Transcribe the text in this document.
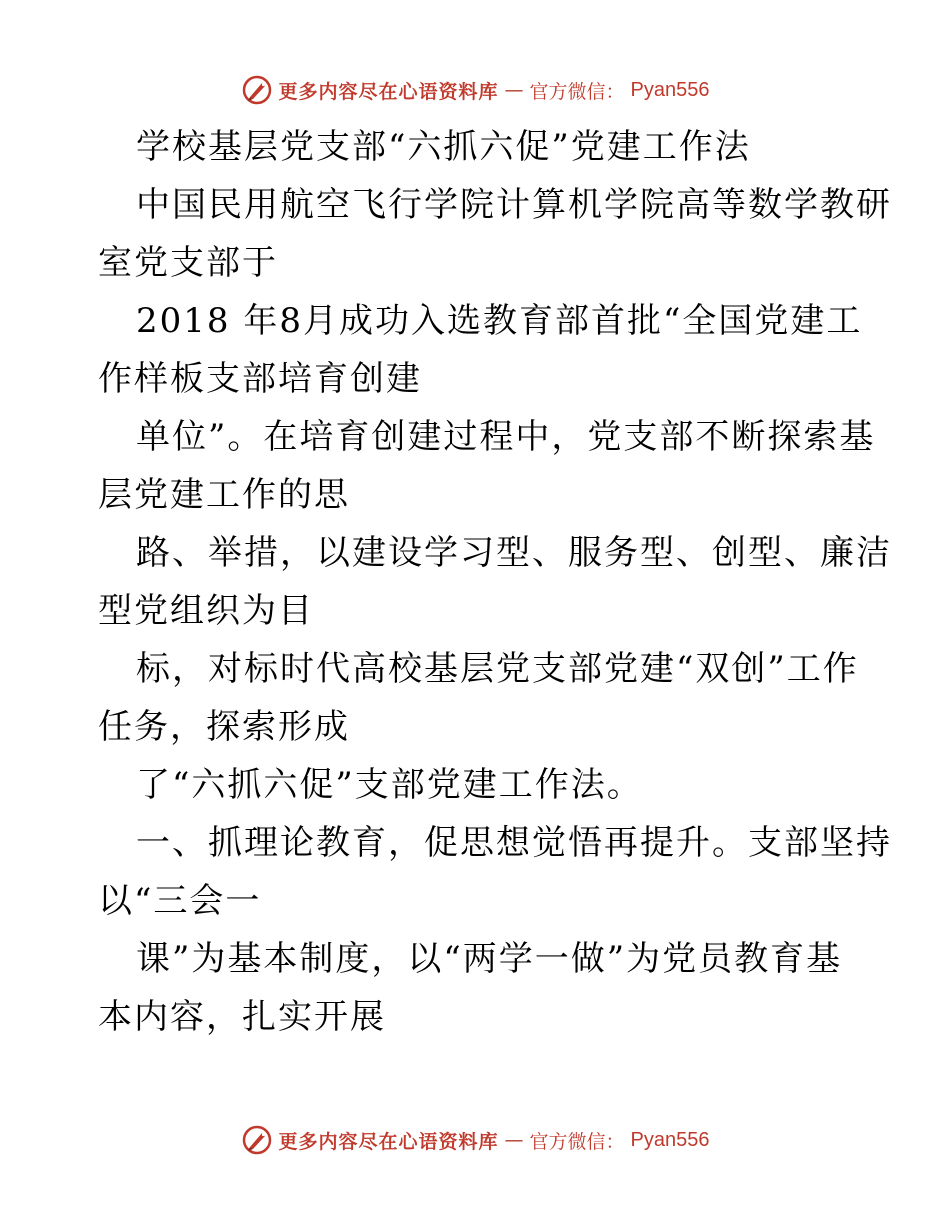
更多内容尽在心语资料库 — 官方微信： Pyan556
学校基层党支部“六抓六促”党建工作法
中国民用航空飞行学院计算机学院高等数学教研
室党支部于
2018 年8月成功入选教育部首批“全国党建工
作样板支部培育创建
单位”。在培育创建过程中，党支部不断探索基
层党建工作的思
路、举措，以建设学习型、服务型、创型、廉洁
型党组织为目
标，对标时代高校基层党支部党建“双创”工作
任务，探索形成
了“六抓六促”支部党建工作法。
一、抓理论教育，促思想觉悟再提升。支部坚持
以“三会一
课”为基本制度，以“两学一做”为党员教育基
本内容，扎实开展
更多内容尽在心语资料库 — 官方微信： Pyan556
